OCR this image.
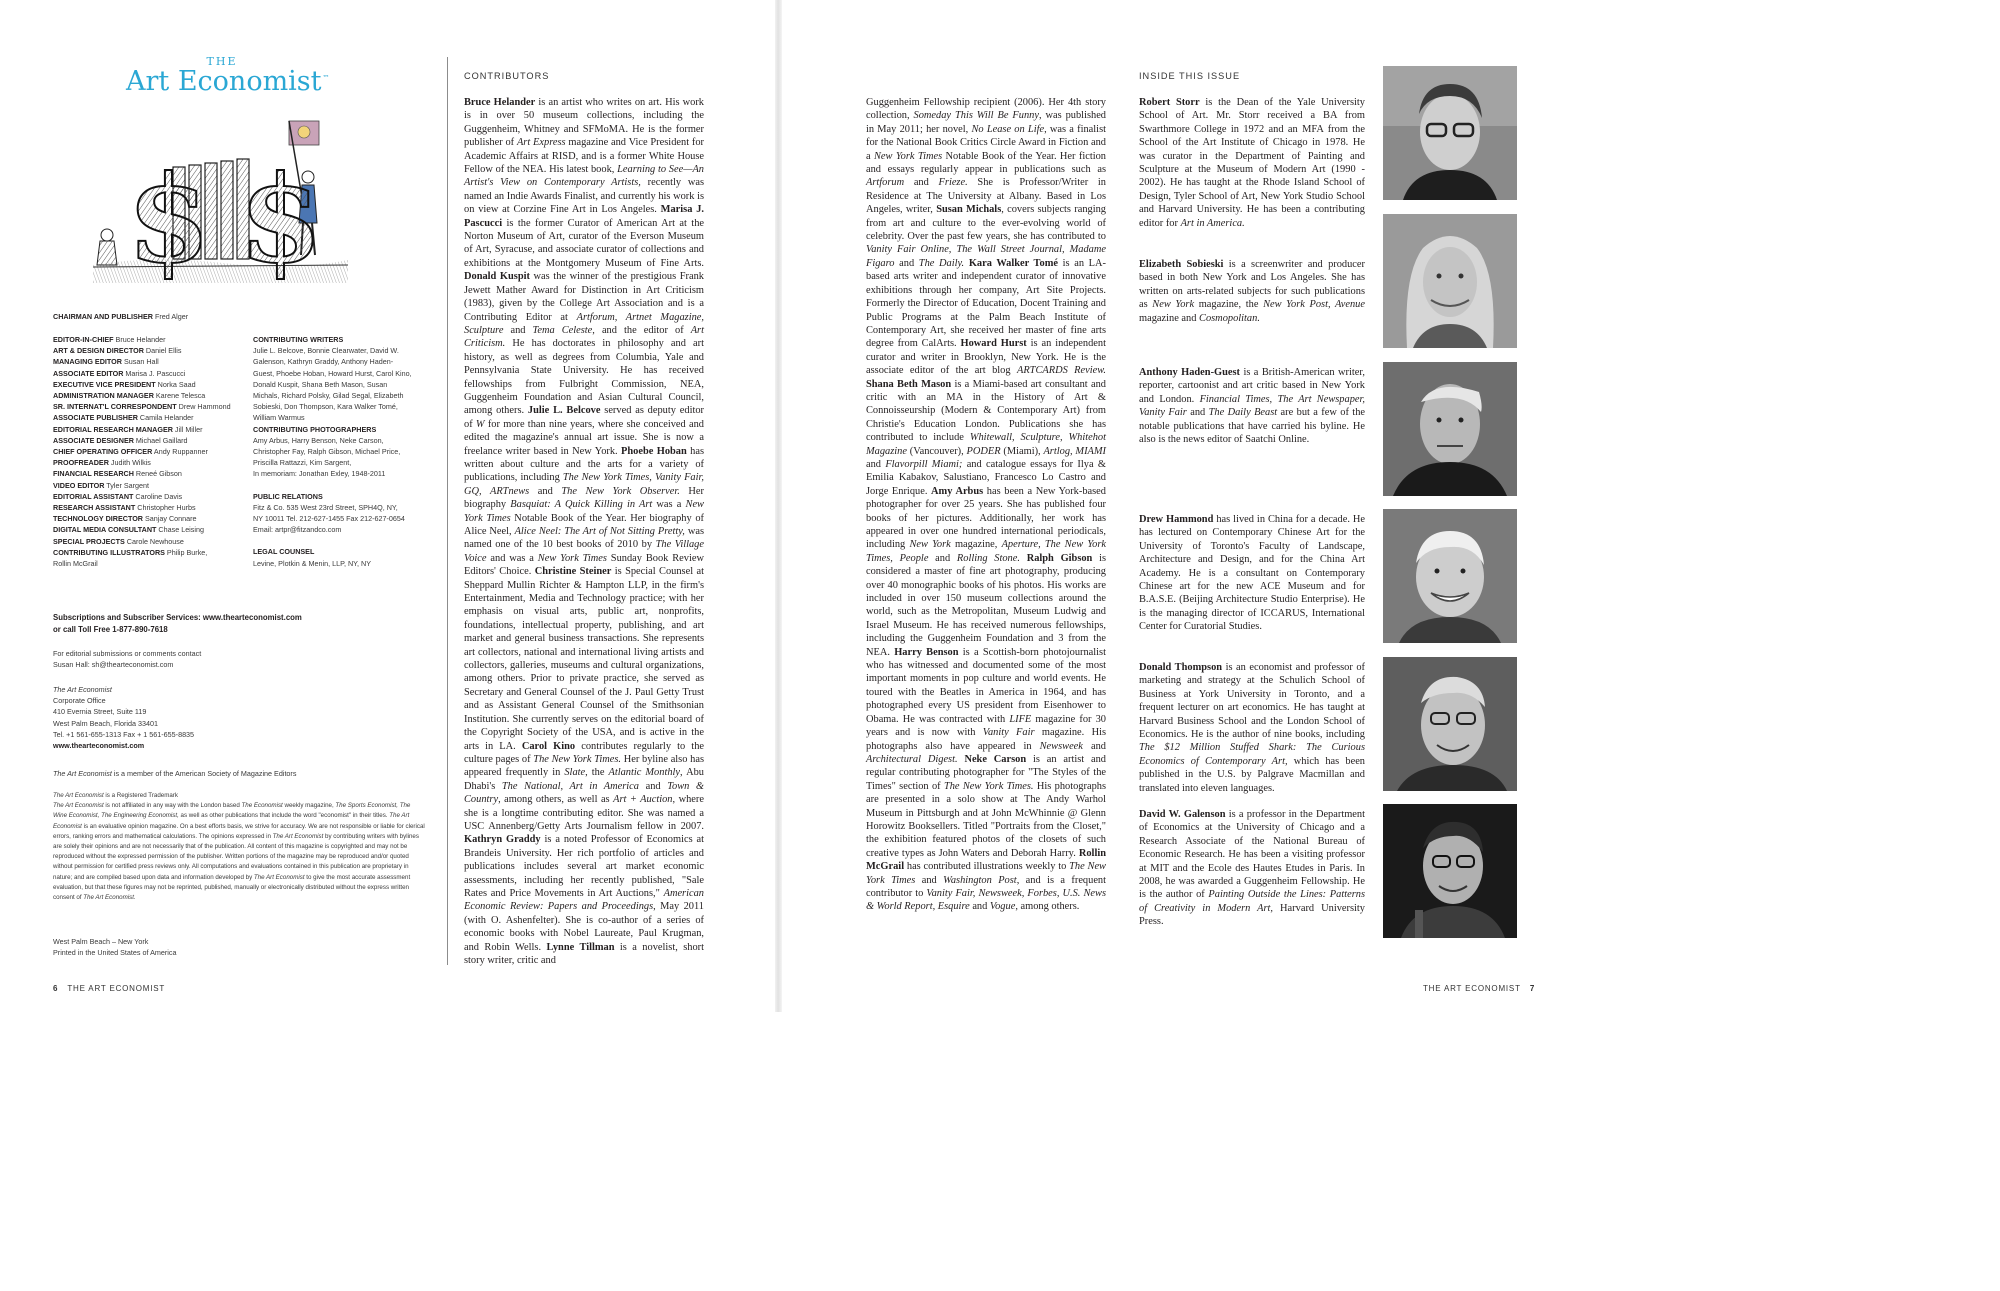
THE
Art Economist™
$ $
CHAIRMAN AND PUBLISHER Fred Alger
EDITOR-IN-CHIEF Bruce Helander
ART & DESIGN DIRECTOR Daniel Ellis
MANAGING EDITOR Susan Hall
ASSOCIATE EDITOR Marisa J. Pascucci
EXECUTIVE VICE PRESIDENT Norka Saad
ADMINISTRATION MANAGER Karene Telesca
SR. INTERNAT'L CORRESPONDENT Drew Hammond
ASSOCIATE PUBLISHER Camila Helander
EDITORIAL RESEARCH MANAGER Jill Miller
ASSOCIATE DESIGNER Michael Gaillard
CHIEF OPERATING OFFICER Andy Ruppanner
PROOFREADER Judith Wilkis
FINANCIAL RESEARCH Reneé Gibson
VIDEO EDITOR Tyler Sargent
EDITORIAL ASSISTANT Caroline Davis
RESEARCH ASSISTANT Christopher Hurbs
TECHNOLOGY DIRECTOR Sanjay Connare
DIGITAL MEDIA CONSULTANT Chase Leising
SPECIAL PROJECTS Carole Newhouse
CONTRIBUTING ILLUSTRATORS Philip Burke,
Rollin McGrail
CONTRIBUTING WRITERS
Julie L. Belcove, Bonnie Clearwater, David W.
Galenson, Kathryn Graddy, Anthony Haden-
Guest, Phoebe Hoban, Howard Hurst, Carol Kino,
Donald Kuspit, Shana Beth Mason, Susan
Michals, Richard Polsky, Gilad Segal, Elizabeth
Sobieski, Don Thompson, Kara Walker Tomé,
William Warmus
CONTRIBUTING PHOTOGRAPHERS
Amy Arbus, Harry Benson, Neke Carson,
Christopher Fay, Ralph Gibson, Michael Price,
Priscilla Rattazzi, Kim Sargent,
In memoriam: Jonathan Exley, 1948-2011
PUBLIC RELATIONS
Fitz & Co. 535 West 23rd Street, SPH4Q, NY,
NY 10011 Tel. 212-627-1455 Fax 212-627-0654
Email: artpr@fitzandco.com
LEGAL COUNSEL
Levine, Plotkin & Menin, LLP, NY, NY
Subscriptions and Subscriber Services: www.thearteconomist.com
or call Toll Free 1-877-890-7618
For editorial submissions or comments contact
Susan Hall: sh@thearteconomist.com
The Art Economist
Corporate Office
410 Evernia Street, Suite 119
West Palm Beach, Florida 33401
Tel. +1 561-655-1313 Fax + 1 561-655-8835
www.thearteconomist.com
The Art Economist is a member of the American Society of Magazine Editors
The Art Economist is a Registered Trademark
The Art Economist is not affiliated in any way with the London based The Economist weekly magazine, The Sports Economist, The Wine Economist, The Engineering Economist, as well as other publications that include the word "economist" in their titles. The Art Economist is an evaluative opinion magazine. On a best efforts basis, we strive for accuracy. We are not responsible or liable for clerical errors, ranking errors and mathematical calculations. The opinions expressed in The Art Economist by contributing writers with bylines are solely their opinions and are not necessarily that of the publication. All content of this magazine is copyrighted and may not be reproduced without the expressed permission of the publisher. Written portions of the magazine may be reproduced and/or quoted without permission for certified press reviews only. All computations and evaluations contained in this publication are proprietary in nature; and are compiled based upon data and information developed by The Art Economist to give the most accurate assessment evaluation, but that these figures may not be reprinted, published, manually or electronically distributed without the express written consent of The Art Economist.
West Palm Beach – New York
Printed in the United States of America
CONTRIBUTORS
Bruce Helander is an artist who writes on art. His work is in over 50 museum collections, including the Guggenheim, Whitney and SFMoMA. He is the former publisher of Art Express magazine and Vice President for Academic Affairs at RISD, and is a former White House Fellow of the NEA. His latest book, Learning to See—An Artist's View on Contemporary Artists, recently was named an Indie Awards Finalist, and currently his work is on view at Corzine Fine Art in Los Angeles. Marisa J. Pascucci is the former Curator of American Art at the Norton Museum of Art, curator of the Everson Museum of Art, Syracuse, and associate curator of collections and exhibitions at the Montgomery Museum of Fine Arts. Donald Kuspit was the winner of the prestigious Frank Jewett Mather Award for Distinction in Art Criticism (1983), given by the College Art Association and is a Contributing Editor at Artforum, Artnet Magazine, Sculpture and Tema Celeste, and the editor of Art Criticism. He has doctorates in philosophy and art history, as well as degrees from Columbia, Yale and Pennsylvania State University. He has received fellowships from Fulbright Commission, NEA, Guggenheim Foundation and Asian Cultural Council, among others. Julie L. Belcove served as deputy editor of W for more than nine years, where she conceived and edited the magazine's annual art issue. She is now a freelance writer based in New York. Phoebe Hoban has written about culture and the arts for a variety of publications, including The New York Times, Vanity Fair, GQ, ARTnews and The New York Observer. Her biography Basquiat: A Quick Killing in Art was a New York Times Notable Book of the Year. Her biography of Alice Neel, Alice Neel: The Art of Not Sitting Pretty, was named one of the 10 best books of 2010 by The Village Voice and was a New York Times Sunday Book Review Editors' Choice. Christine Steiner is Special Counsel at Sheppard Mullin Richter & Hampton LLP, in the firm's Entertainment, Media and Technology practice; with her emphasis on visual arts, public art, nonprofits, foundations, intellectual property, publishing, and art market and general business transactions. She represents art collectors, national and international living artists and collectors, galleries, museums and cultural organizations, among others. Prior to private practice, she served as Secretary and General Counsel of the J. Paul Getty Trust and as Assistant General Counsel of the Smithsonian Institution. She currently serves on the editorial board of the Copyright Society of the USA, and is active in the arts in LA. Carol Kino contributes regularly to the culture pages of The New York Times. Her byline also has appeared frequently in Slate, the Atlantic Monthly, Abu Dhabi's The National, Art in America and Town & Country, among others, as well as Art + Auction, where she is a longtime contributing editor. She was named a USC Annenberg/Getty Arts Journalism fellow in 2007. Kathryn Graddy is a noted Professor of Economics at Brandeis University. Her rich portfolio of articles and publications includes several art market economic assessments, including her recently published, "Sale Rates and Price Movements in Art Auctions," American Economic Review: Papers and Proceedings, May 2011 (with O. Ashenfelter). She is co-author of a series of economic books with Nobel Laureate, Paul Krugman, and Robin Wells. Lynne Tillman is a novelist, short story writer, critic and
6 THE ART ECONOMIST
Guggenheim Fellowship recipient (2006). Her 4th story collection, Someday This Will Be Funny, was published in May 2011; her novel, No Lease on Life, was a finalist for the National Book Critics Circle Award in Fiction and a New York Times Notable Book of the Year. Her fiction and essays regularly appear in publications such as Artforum and Frieze. She is Professor/Writer in Residence at The University at Albany. Based in Los Angeles, writer, Susan Michals, covers subjects ranging from art and culture to the ever-evolving world of celebrity. Over the past few years, she has contributed to Vanity Fair Online, The Wall Street Journal, Madame Figaro and The Daily. Kara Walker Tomé is an LA-based arts writer and independent curator of innovative exhibitions through her company, Art Site Projects. Formerly the Director of Education, Docent Training and Public Programs at the Palm Beach Institute of Contemporary Art, she received her master of fine arts degree from CalArts. Howard Hurst is an independent curator and writer in Brooklyn, New York. He is the associate editor of the art blog ARTCARDS Review. Shana Beth Mason is a Miami-based art consultant and critic with an MA in the History of Art & Connoisseurship (Modern & Contemporary Art) from Christie's Education London. Publications she has contributed to include Whitewall, Sculpture, Whitehot Magazine (Vancouver), PODER (Miami), Artlog, MIAMI and Flavorpill Miami; and catalogue essays for Ilya & Emilia Kabakov, Salustiano, Francesco Lo Castro and Jorge Enrique. Amy Arbus has been a New York-based photographer for over 25 years. She has published four books of her pictures. Additionally, her work has appeared in over one hundred international periodicals, including New York magazine, Aperture, The New York Times, People and Rolling Stone. Ralph Gibson is considered a master of fine art photography, producing over 40 monographic books of his photos. His works are included in over 150 museum collections around the world, such as the Metropolitan, Museum Ludwig and Israel Museum. He has received numerous fellowships, including the Guggenheim Foundation and 3 from the NEA. Harry Benson is a Scottish-born photojournalist who has witnessed and documented some of the most important moments in pop culture and world events. He toured with the Beatles in America in 1964, and has photographed every US president from Eisenhower to Obama. He was contracted with LIFE magazine for 30 years and is now with Vanity Fair magazine. His photographs also have appeared in Newsweek and Architectural Digest. Neke Carson is an artist and regular contributing photographer for "The Styles of the Times" section of The New York Times. His photographs are presented in a solo show at The Andy Warhol Museum in Pittsburgh and at John McWhinnie @ Glenn Horowitz Booksellers. Titled "Portraits from the Closet," the exhibition featured photos of the closets of such creative types as John Waters and Deborah Harry. Rollin McGrail has contributed illustrations weekly to The New York Times and Washington Post, and is a frequent contributor to Vanity Fair, Newsweek, Forbes, U.S. News & World Report, Esquire and Vogue, among others.
INSIDE THIS ISSUE
Robert Storr is the Dean of the Yale University School of Art. Mr. Storr received a BA from Swarthmore College in 1972 and an MFA from the School of the Art Institute of Chicago in 1978. He was curator in the Department of Painting and Sculpture at the Museum of Modern Art (1990 - 2002). He has taught at the Rhode Island School of Design, Tyler School of Art, New York Studio School and Harvard University. He has been a contributing editor for Art in America.
Elizabeth Sobieski is a screenwriter and producer based in both New York and Los Angeles. She has written on arts-related subjects for such publications as New York magazine, the New York Post, Avenue magazine and Cosmopolitan.
Anthony Haden-Guest is a British-American writer, reporter, cartoonist and art critic based in New York and London. Financial Times, The Art Newspaper, Vanity Fair and The Daily Beast are but a few of the notable publications that have carried his byline. He also is the news editor of Saatchi Online.
Drew Hammond has lived in China for a decade. He has lectured on Contemporary Chinese Art for the University of Toronto's Faculty of Landscape, Architecture and Design, and for the China Art Academy. He is a consultant on Contemporary Chinese art for the new ACE Museum and for B.A.S.E. (Beijing Architecture Studio Enterprise). He is the managing director of ICCARUS, International Center for Curatorial Studies.
Donald Thompson is an economist and professor of marketing and strategy at the Schulich School of Business at York University in Toronto, and a frequent lecturer on art economics. He has taught at Harvard Business School and the London School of Economics. He is the author of nine books, including The $12 Million Stuffed Shark: The Curious Economics of Contemporary Art, which has been published in the U.S. by Palgrave Macmillan and translated into eleven languages.
David W. Galenson is a professor in the Department of Economics at the University of Chicago and a Research Associate of the National Bureau of Economic Research. He has been a visiting professor at MIT and the Ecole des Hautes Etudes in Paris. In 2008, he was awarded a Guggenheim Fellowship. He is the author of Painting Outside the Lines: Patterns of Creativity in Modern Art, Harvard University Press.
THE ART ECONOMIST 7
